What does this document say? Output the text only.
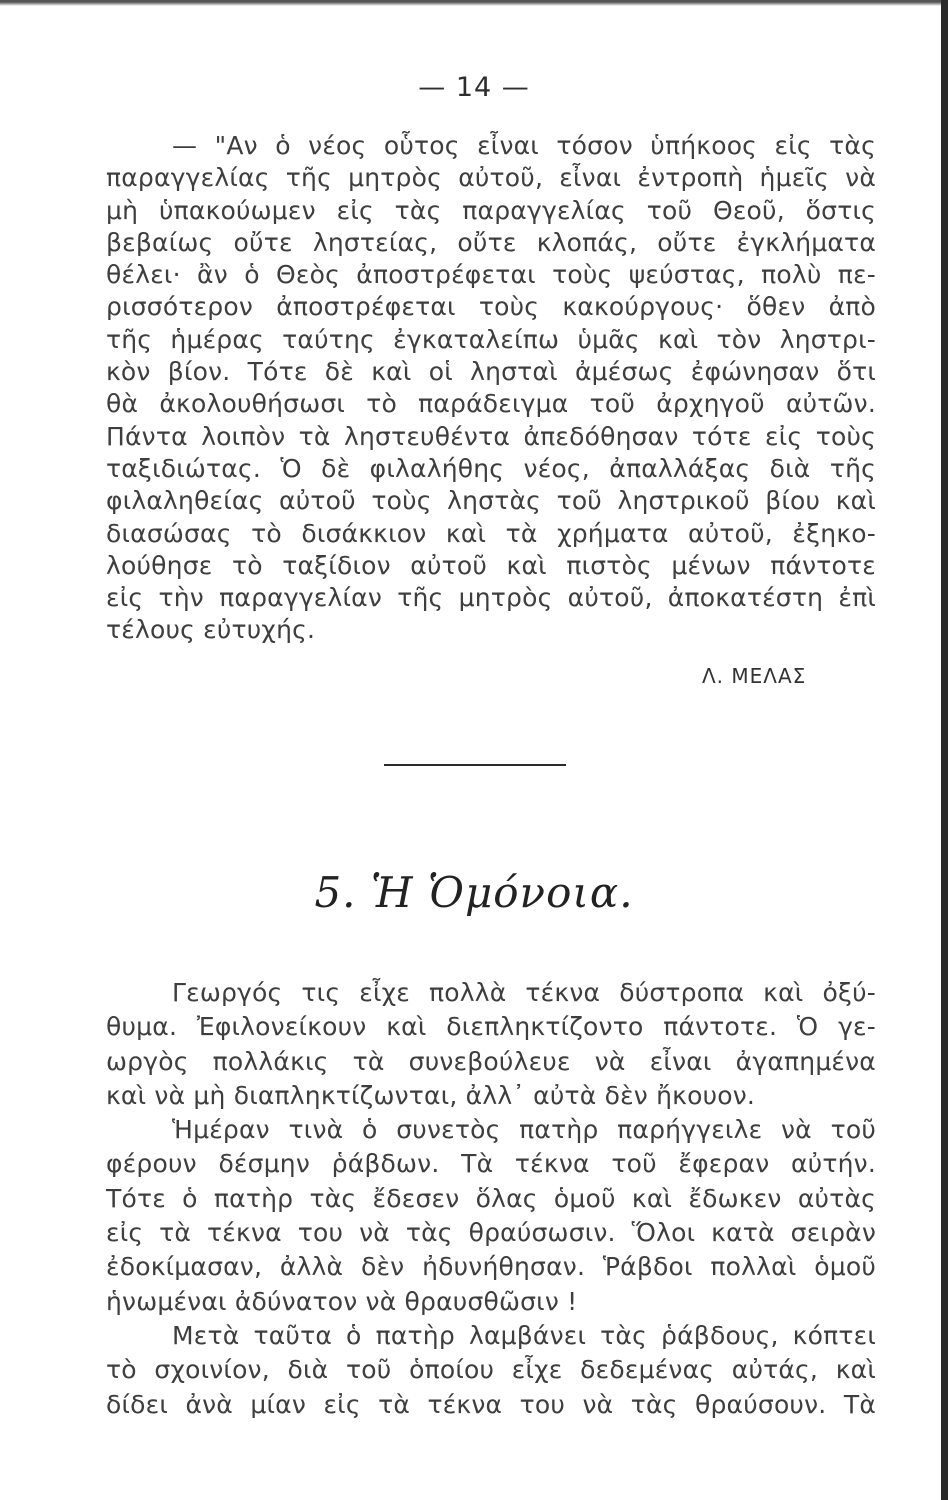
— 14 —
— "Αν ὁ νέος οὗτος εἶναι τόσον ὑπήκοος εἰς τὰς
παραγγελίας τῆς μητρὸς αὐτοῦ, εἶναι ἐντροπὴ ἡμεῖς νὰ
μὴ ὑπακούωμεν εἰς τὰς παραγγελίας τοῦ Θεοῦ, ὅστις
βεβαίως οὔτε ληστείας, οὔτε κλοπάς, οὔτε ἐγκλήματα
θέλει· ἂν ὁ Θεὸς ἀποστρέφεται τοὺς ψεύστας, πολὺ πε-
ρισσότερον ἀποστρέφεται τοὺς κακούργους· ὅθεν ἀπὸ
τῆς ἡμέρας ταύτης ἐγκαταλείπω ὑμᾶς καὶ τὸν ληστρι-
κὸν βίον. Τότε δὲ καὶ οἱ λησταὶ ἀμέσως ἐφώνησαν ὅτι
θὰ ἀκολουθήσωσι τὸ παράδειγμα τοῦ ἀρχηγοῦ αὐτῶν.
Πάντα λοιπὸν τὰ ληστευθέντα ἀπεδόθησαν τότε εἰς τοὺς
ταξιδιώτας. Ὁ δὲ φιλαλήθης νέος, ἀπαλλάξας διὰ τῆς
φιλαληθείας αὐτοῦ τοὺς ληστὰς τοῦ ληστρικοῦ βίου καὶ
διασώσας τὸ δισάκκιον καὶ τὰ χρήματα αὐτοῦ, ἐξηκο-
λούθησε τὸ ταξίδιον αὐτοῦ καὶ πιστὸς μένων πάντοτε
εἰς τὴν παραγγελίαν τῆς μητρὸς αὐτοῦ, ἀποκατέστη ἐπὶ
τέλους εὐτυχής.
Λ. ΜΕΛΑΣ
5. Ἡ Ὁμόνοια.
Γεωργός τις εἶχε πολλὰ τέκνα δύστροπα καὶ ὀξύ-
θυμα. Ἐφιλονείκουν καὶ διεπληκτίζοντο πάντοτε. Ὁ γε-
ωργὸς πολλάκις τὰ συνεβούλευε νὰ εἶναι ἀγαπημένα
καὶ νὰ μὴ διαπληκτίζωνται, ἀλλ᾽ αὐτὰ δὲν ἤκουον.
Ἡμέραν τινὰ ὁ συνετὸς πατὴρ παρήγγειλε νὰ τοῦ
φέρουν δέσμην ῥάβδων. Τὰ τέκνα τοῦ ἔφεραν αὐτήν.
Τότε ὁ πατὴρ τὰς ἔδεσεν ὅλας ὁμοῦ καὶ ἔδωκεν αὐτὰς
εἰς τὰ τέκνα του νὰ τὰς θραύσωσιν. Ὅλοι κατὰ σειρὰν
ἐδοκίμασαν, ἀλλὰ δὲν ἠδυνήθησαν. Ῥάβδοι πολλαὶ ὁμοῦ
ἡνωμέναι ἀδύνατον νὰ θραυσθῶσιν !
Μετὰ ταῦτα ὁ πατὴρ λαμβάνει τὰς ῥάβδους, κόπτει
τὸ σχοινίον, διὰ τοῦ ὁποίου εἶχε δεδεμένας αὐτάς, καὶ
δίδει ἀνὰ μίαν εἰς τὰ τέκνα του νὰ τὰς θραύσουν. Τὰ
